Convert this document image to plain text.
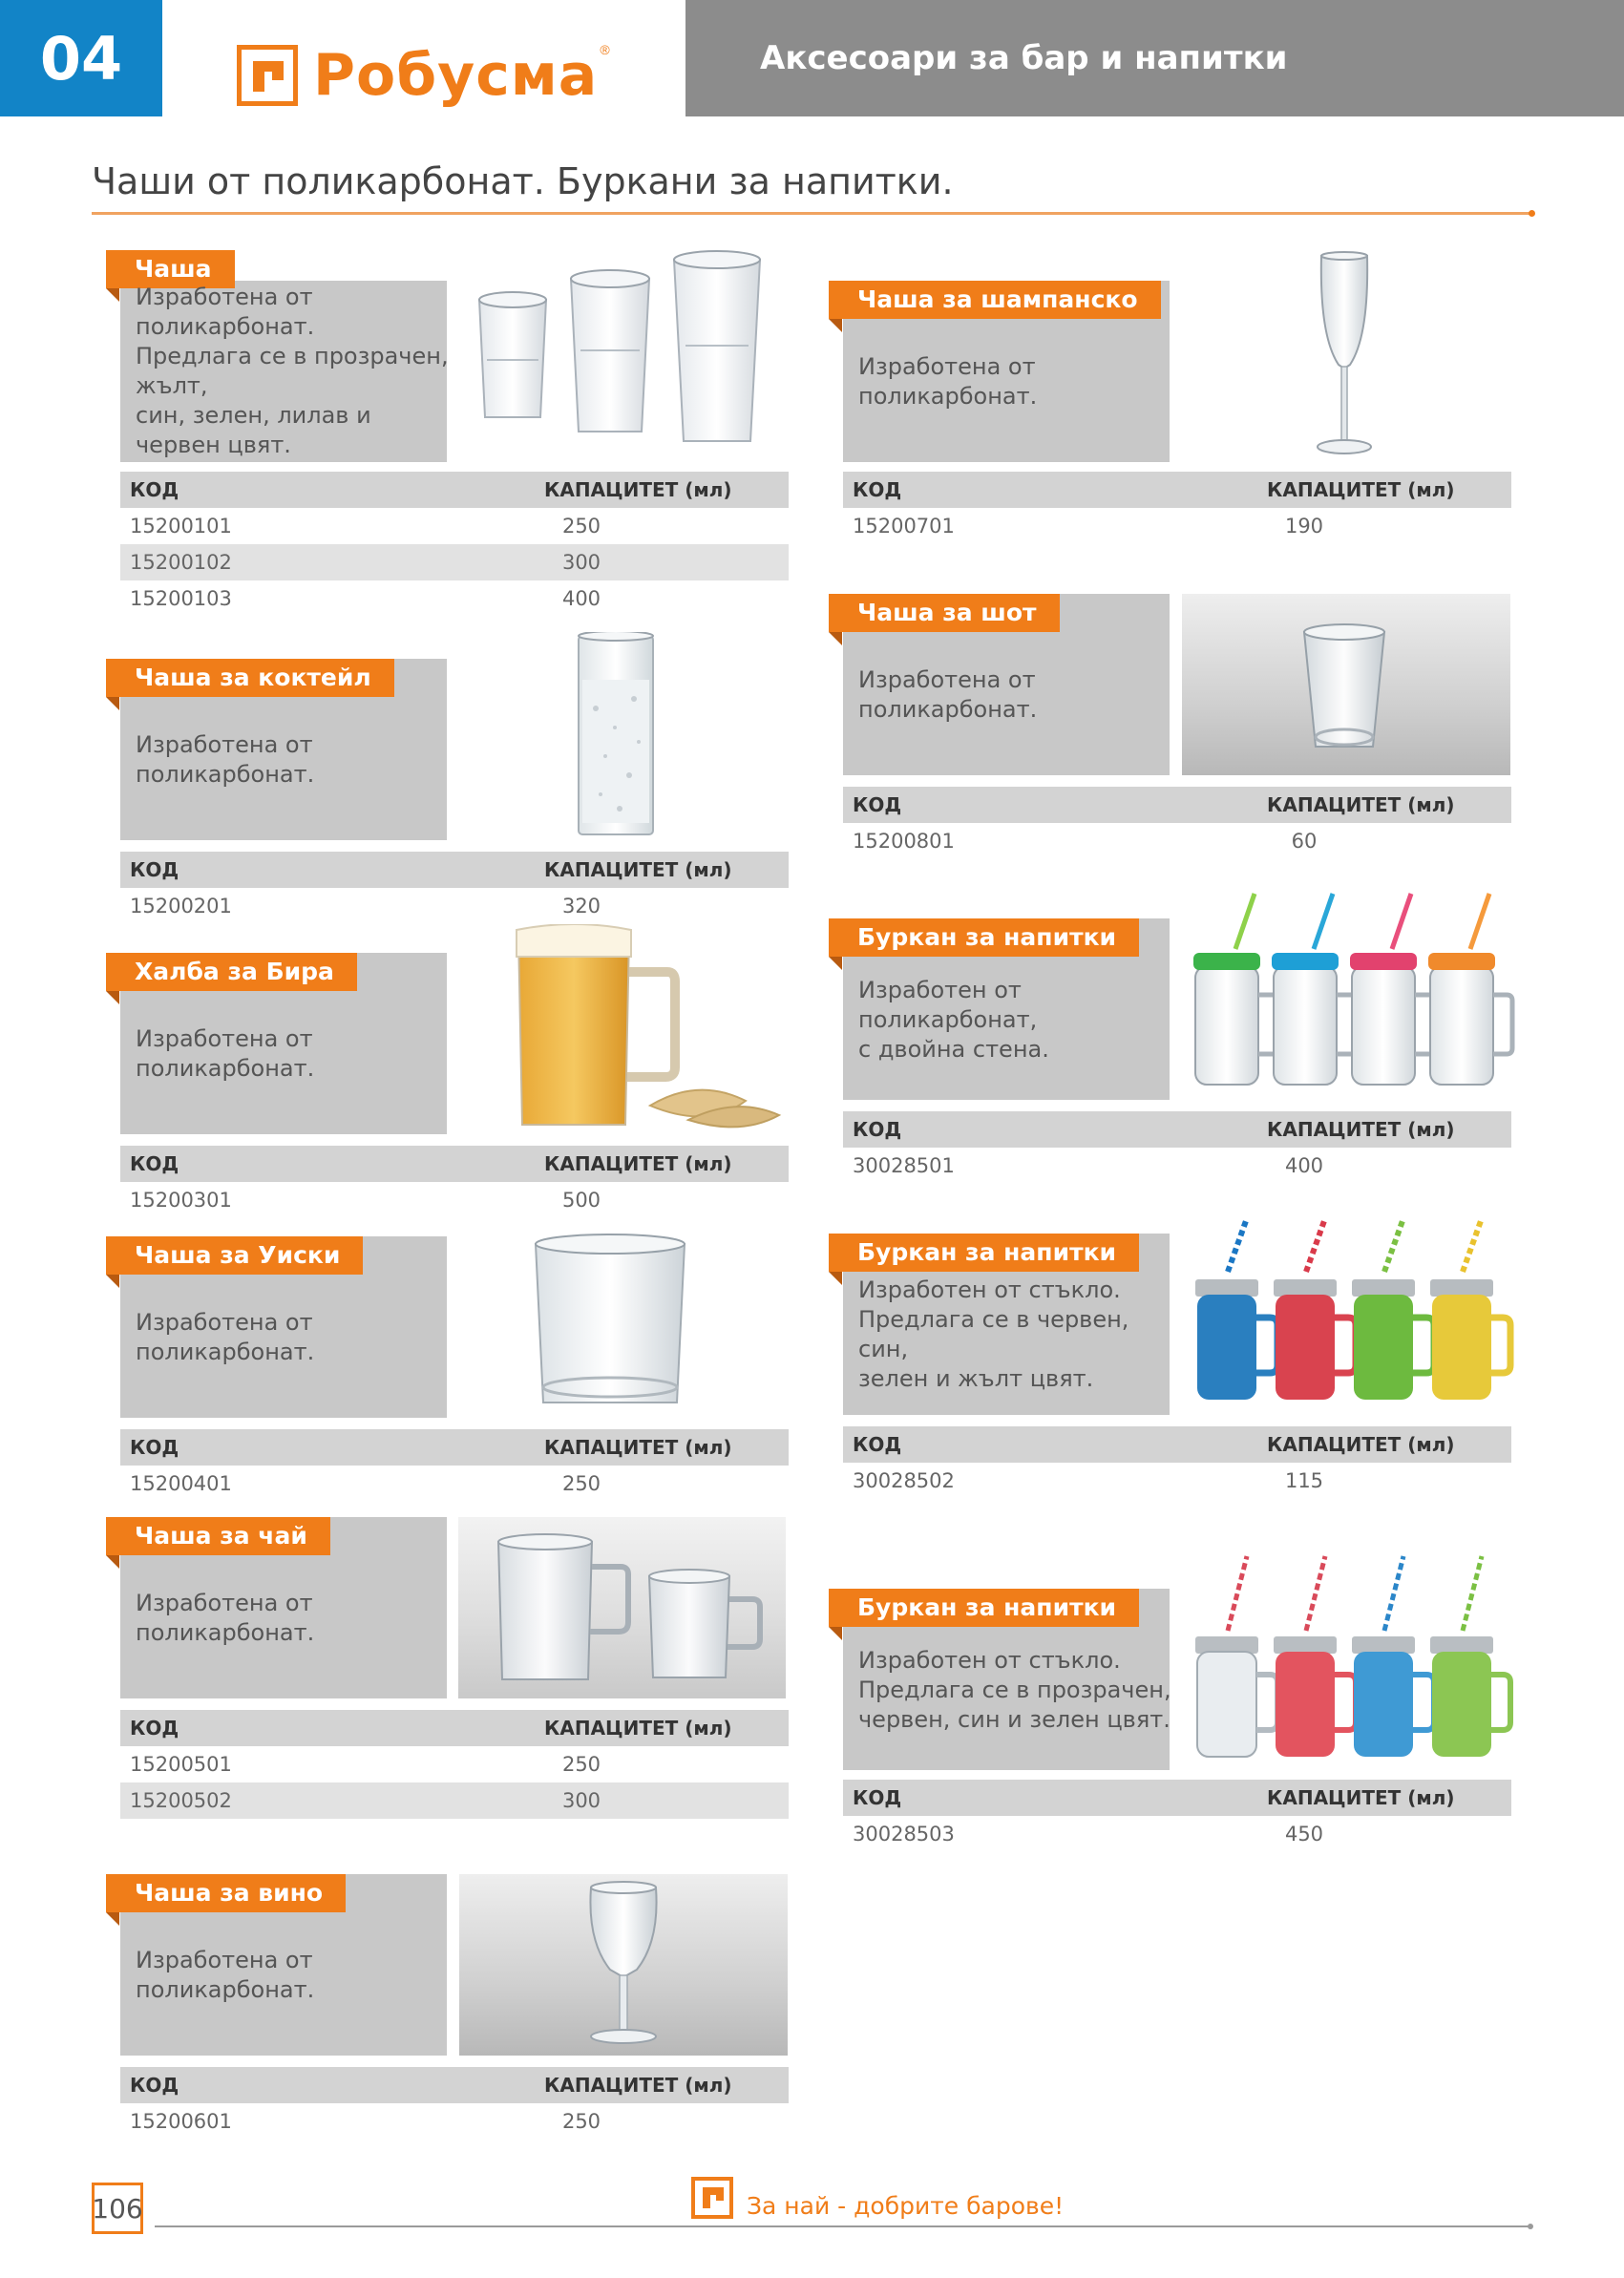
04	Робусма ®	Аксесоари за бар и напитки
Чаши от поликарбонат. Буркани за напитки.
Чаша
Изработена от поликарбонат.
Предлага се в прозрачен, жълт,
син, зелен, лилав и червен цвят.
КОД	КАПАЦИТЕТ (мл)
15200101	250
15200102	300
15200103	400
Чаша за коктейл
Изработена от поликарбонат.
КОД	КАПАЦИТЕТ (мл)
15200201	320
Халба за Бира
Изработена от поликарбонат.
КОД	КАПАЦИТЕТ (мл)
15200301	500
Чаша за Уиски
Изработена от поликарбонат.
КОД	КАПАЦИТЕТ (мл)
15200401	250
Чаша за чай
Изработена от поликарбонат.
КОД	КАПАЦИТЕТ (мл)
15200501	250
15200502	300
Чаша за вино
Изработена от поликарбонат.
КОД	КАПАЦИТЕТ (мл)
15200601	250
Чаша за шампанско
Изработена от поликарбонат.
КОД	КАПАЦИТЕТ (мл)
15200701	190
Чаша за шот
Изработена от поликарбонат.
КОД	КАПАЦИТЕТ (мл)
15200801	60
Буркан за напитки
Изработен от поликарбонат,
с двойна стена.
КОД	КАПАЦИТЕТ (мл)
30028501	400
Буркан за напитки
Изработен от стъкло.
Предлага се в червен, син,
зелен и жълт цвят.
КОД	КАПАЦИТЕТ (мл)
30028502	115
Буркан за напитки
Изработен от стъкло.
Предлага се в прозрачен,
червен, син и зелен цвят.
КОД	КАПАЦИТЕТ (мл)
30028503	450
106	За най - добрите барове!
